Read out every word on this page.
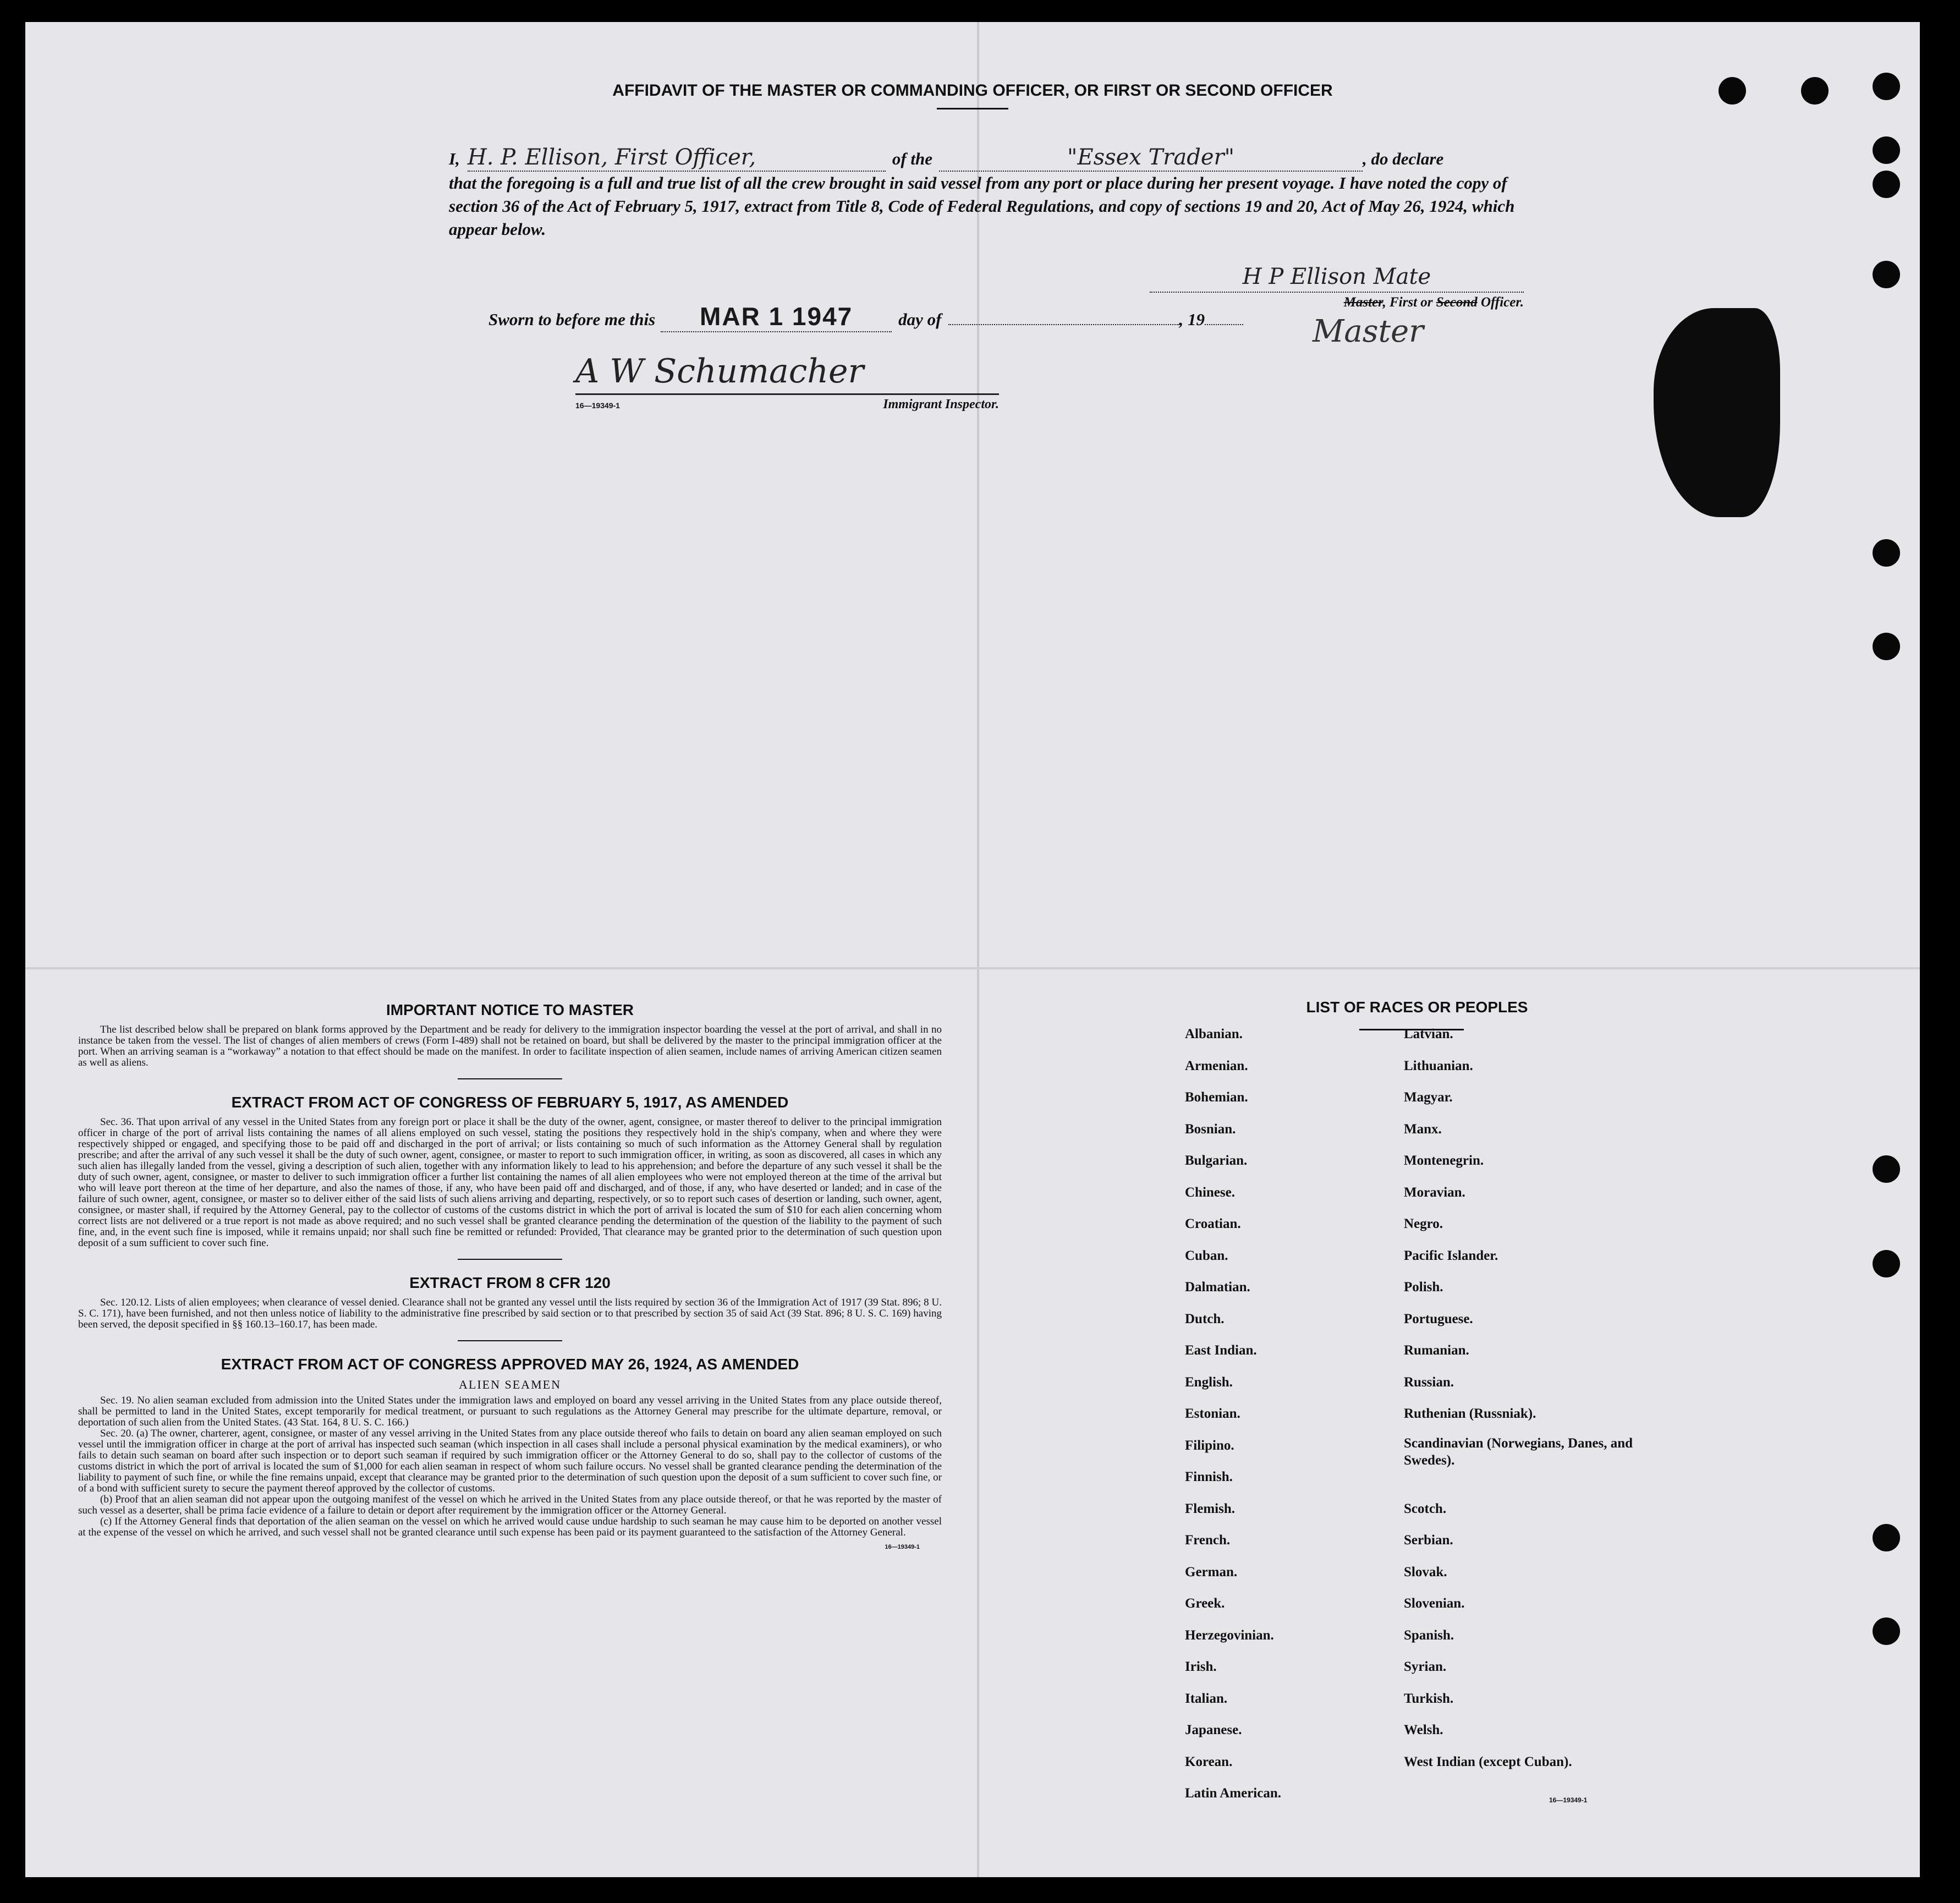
AFFIDAVIT OF THE MASTER OR COMMANDING OFFICER, OR FIRST OR SECOND OFFICER
I, H. P. Ellison, First Officer,	of the	"Essex Trader"	, do declare
that the foregoing is a full and true list of all the crew brought in said vessel from any port or place during her present voyage. I have noted the copy of section 36 of the Act of February 5, 1917, extract from Title 8, Code of Federal Regulations, and copy of sections 19 and 20, Act of May 26, 1924, which appear below.
H P Ellison Mate
Master, First or Second Officer.
Master
Sworn to before me this	MAR 1 1947	day of	, 19
A W Schumacher
16—19349-1	Immigrant Inspector.
IMPORTANT NOTICE TO MASTER
The list described below shall be prepared on blank forms approved by the Department and be ready for delivery to the immigration inspector boarding the vessel at the port of arrival, and shall in no instance be taken from the vessel. The list of changes of alien members of crews (Form I-489) shall not be retained on board, but shall be delivered by the master to the principal immigration officer at the port. When an arriving seaman is a “workaway” a notation to that effect should be made on the manifest. In order to facilitate inspection of alien seamen, include names of arriving American citizen seamen as well as aliens.
EXTRACT FROM ACT OF CONGRESS OF FEBRUARY 5, 1917, AS AMENDED
Sec. 36. That upon arrival of any vessel in the United States from any foreign port or place it shall be the duty of the owner, agent, consignee, or master thereof to deliver to the principal immigration officer in charge of the port of arrival lists containing the names of all aliens employed on such vessel, stating the positions they respectively hold in the ship's company, when and where they were respectively shipped or engaged, and specifying those to be paid off and discharged in the port of arrival; or lists containing so much of such information as the Attorney General shall by regulation prescribe; and after the arrival of any such vessel it shall be the duty of such owner, agent, consignee, or master to report to such immigration officer, in writing, as soon as discovered, all cases in which any such alien has illegally landed from the vessel, giving a description of such alien, together with any information likely to lead to his apprehension; and before the departure of any such vessel it shall be the duty of such owner, agent, consignee, or master to deliver to such immigration officer a further list containing the names of all alien employees who were not employed thereon at the time of the arrival but who will leave port thereon at the time of her departure, and also the names of those, if any, who have been paid off and discharged, and of those, if any, who have deserted or landed; and in case of the failure of such owner, agent, consignee, or master so to deliver either of the said lists of such aliens arriving and departing, respectively, or so to report such cases of desertion or landing, such owner, agent, consignee, or master shall, if required by the Attorney General, pay to the collector of customs of the customs district in which the port of arrival is located the sum of $10 for each alien concerning whom correct lists are not delivered or a true report is not made as above required; and no such vessel shall be granted clearance pending the determination of the question of the liability to the payment of such fine, and, in the event such fine is imposed, while it remains unpaid; nor shall such fine be remitted or refunded: Provided, That clearance may be granted prior to the determination of such question upon deposit of a sum sufficient to cover such fine.
EXTRACT FROM 8 CFR 120
Sec. 120.12. Lists of alien employees; when clearance of vessel denied. Clearance shall not be granted any vessel until the lists required by section 36 of the Immigration Act of 1917 (39 Stat. 896; 8 U. S. C. 171), have been furnished, and not then unless notice of liability to the administrative fine prescribed by said section or to that prescribed by section 35 of said Act (39 Stat. 896; 8 U. S. C. 169) having been served, the deposit specified in §§ 160.13–160.17, has been made.
EXTRACT FROM ACT OF CONGRESS APPROVED MAY 26, 1924, AS AMENDED
ALIEN SEAMEN
Sec. 19. No alien seaman excluded from admission into the United States under the immigration laws and employed on board any vessel arriving in the United States from any place outside thereof, shall be permitted to land in the United States, except temporarily for medical treatment, or pursuant to such regulations as the Attorney General may prescribe for the ultimate departure, removal, or deportation of such alien from the United States. (43 Stat. 164, 8 U. S. C. 166.)
Sec. 20. (a) The owner, charterer, agent, consignee, or master of any vessel arriving in the United States from any place outside thereof who fails to detain on board any alien seaman employed on such vessel until the immigration officer in charge at the port of arrival has inspected such seaman (which inspection in all cases shall include a personal physical examination by the medical examiners), or who fails to detain such seaman on board after such inspection or to deport such seaman if required by such immigration officer or the Attorney General to do so, shall pay to the collector of customs of the customs district in which the port of arrival is located the sum of $1,000 for each alien seaman in respect of whom such failure occurs. No vessel shall be granted clearance pending the determination of the liability to payment of such fine, or while the fine remains unpaid, except that clearance may be granted prior to the determination of such question upon the deposit of a sum sufficient to cover such fine, or of a bond with sufficient surety to secure the payment thereof approved by the collector of customs.
(b) Proof that an alien seaman did not appear upon the outgoing manifest of the vessel on which he arrived in the United States from any place outside thereof, or that he was reported by the master of such vessel as a deserter, shall be prima facie evidence of a failure to detain or deport after requirement by the immigration officer or the Attorney General.
(c) If the Attorney General finds that deportation of the alien seaman on the vessel on which he arrived would cause undue hardship to such seaman he may cause him to be deported on another vessel at the expense of the vessel on which he arrived, and such vessel shall not be granted clearance until such expense has been paid or its payment guaranteed to the satisfaction of the Attorney General.
16—19349-1
LIST OF RACES OR PEOPLES
Albanian.
Armenian.
Bohemian.
Bosnian.
Bulgarian.
Chinese.
Croatian.
Cuban.
Dalmatian.
Dutch.
East Indian.
English.
Estonian.
Filipino.
Finnish.
Flemish.
French.
German.
Greek.
Herzegovinian.
Irish.
Italian.
Japanese.
Korean.
Latin American.
Latvian.
Lithuanian.
Magyar.
Manx.
Montenegrin.
Moravian.
Negro.
Pacific Islander.
Polish.
Portuguese.
Rumanian.
Russian.
Ruthenian (Russniak).
Scandinavian (Norwegians, Danes, and Swedes).
Scotch.
Serbian.
Slovak.
Slovenian.
Spanish.
Syrian.
Turkish.
Welsh.
West Indian (except Cuban).
16—19349-1
